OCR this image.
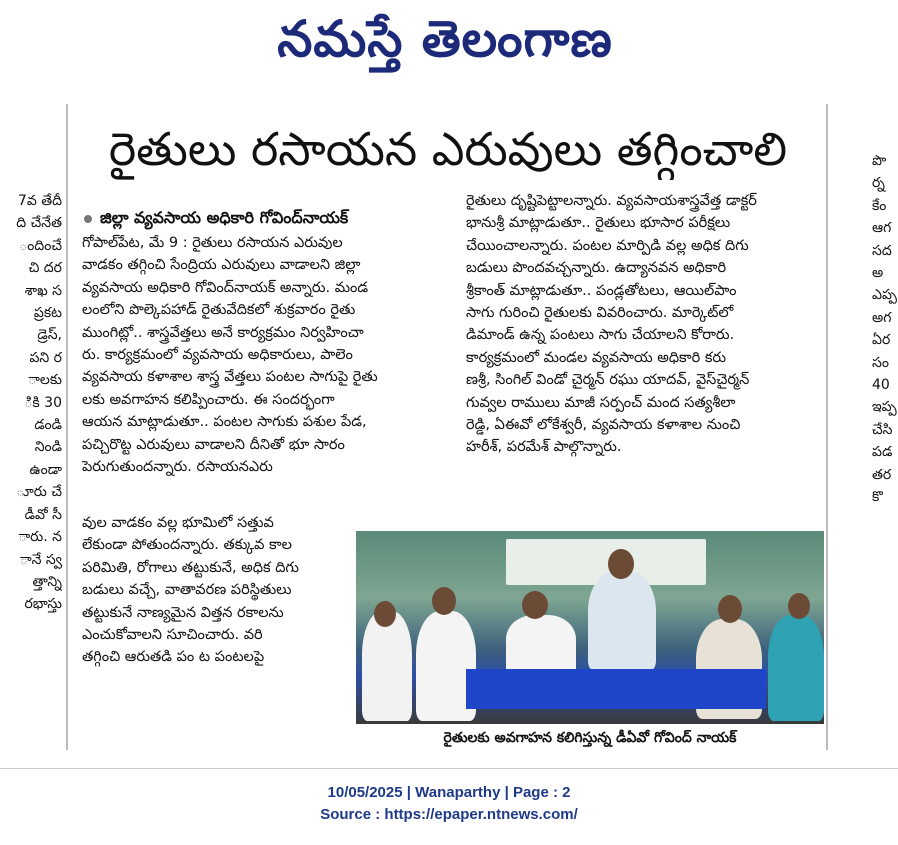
నమస్తే తెలంగాణ
రైతులు రసాయన ఎరువులు తగ్గించాలి
జిల్లా వ్యవసాయ అధికారి గోవింద్‌నాయక్

గోపాల్‌పేట, మే 9 : రైతులు రసాయన ఎరువుల

వాడకం తగ్గించి సేంద్రియ ఎరువులు వాడాలని జిల్లా

వ్యవసాయ అధికారి గోవింద్‌నాయక్ అన్నారు. మండ

లంలోని పొల్కెపహాడ్ రైతువేదికలో శుక్రవారం రైతు

ముంగిట్లో.. శాస్త్రవేత్తలు అనే కార్యక్రమం నిర్వహించా

రు. కార్యక్రమంలో వ్యవసాయ అధికారులు, పాలెం

వ్యవసాయ కళాశాల శాస్త్ర వేత్తలు పంటల సాగుపై రైతు

లకు అవగాహన కలిప్పించారు. ఈ సందర్భంగా

ఆయన మాట్లాడుతూ.. పంటల సాగుకు పశుల పేడ,

పచ్చిరొట్ట ఎరువులు వాడాలని దీనితో భూ సారం

పెరుగుతుందన్నారు. రసాయనఎరు

వుల వాడకం వల్ల భూమిలో సత్తువ

లేకుండా పోతుందన్నారు. తక్కువ కాల

పరిమితి, రోగాలు తట్టుకునే, అధిక దిగు

బడులు వచ్చే, వాతావరణ పరిస్థితులు

తట్టుకునే నాణ్యమైన విత్తన రకాలను

ఎంచుకోవాలని సూచించారు. వరి

తగ్గించి ఆరుతడి పం ట పంటలపై

రైతులు దృష్టిపెట్టాలన్నారు. వ్యవసాయశాస్త్రవేత్త డాక్టర్

భానుశ్రీ మాట్లాడుతూ.. రైతులు భూసార పరీక్షలు

చేయించాలన్నారు. పంటల మార్పిడి వల్ల అధిక దిగు

బడులు పొందవచ్చన్నారు. ఉద్యానవన అధికారి

శ్రీకాంత్ మాట్లాడుతూ.. పండ్లతోటలు, ఆయిల్‌పాం

సాగు గురించి రైతులకు వివరించారు. మార్కెట్‌లో

డిమాండ్ ఉన్న పంటలు సాగు చేయాలని కోరారు.

కార్యక్రమంలో మండల వ్యవసాయ అధికారి కరు

ణశ్రీ, సింగిల్ విండో చైర్మన్ రఘు యాదవ్, వైస్‌చైర్మన్

గువ్వల రాములు మాజీ సర్పంచ్ మంద సత్యశీలా

రెడ్డి, ఏఈవో లోకేశ్వరీ, వ్యవసాయ కళాశాల నుంచి

హరీశ్, పరమేశ్ పాల్గొన్నారు.

రైతులకు అవగాహన కలిగిస్తున్న డీఏవో గోవింద్ నాయక్

7వ తేదీ

ది చేనేత

ందించే

చి దర

శాఖ స

ప్రకట

డ్రెస్,

పని ర

ాలకు

ికి 30

డండి

నిండి

ఉండా

ూరు చే

డీవో సీ

ారు. న

ానే స్వ

త్తాన్ని

రభాస్తు

పొ

ర్న

కేం

ఆగ

సద

అ

ఎప్ప

అగ

ఏర

సం

40

ఇప్ప

చేసి

పడ

తర

కొ

10/05/2025 | Wanaparthy | Page : 2

Source : https://epaper.ntnews.com/
